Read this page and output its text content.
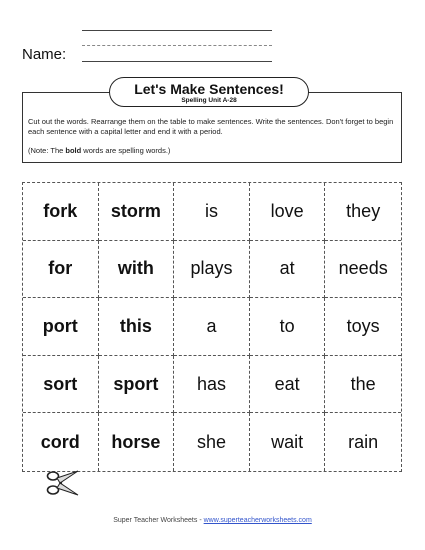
Name:
Let's Make Sentences!
Spelling Unit A-28
Cut out the words. Rearrange them on the table to make sentences. Write the sentences. Don't forget to begin each sentence with a capital letter and end it with a period.
(Note: The bold words are spelling words.)
fork	storm	is	love	they
for	with	plays	at	needs
port	this	a	to	toys
sort	sport	has	eat	the
cord	horse	she	wait	rain
Super Teacher Worksheets - www.superteacherworksheets.com
